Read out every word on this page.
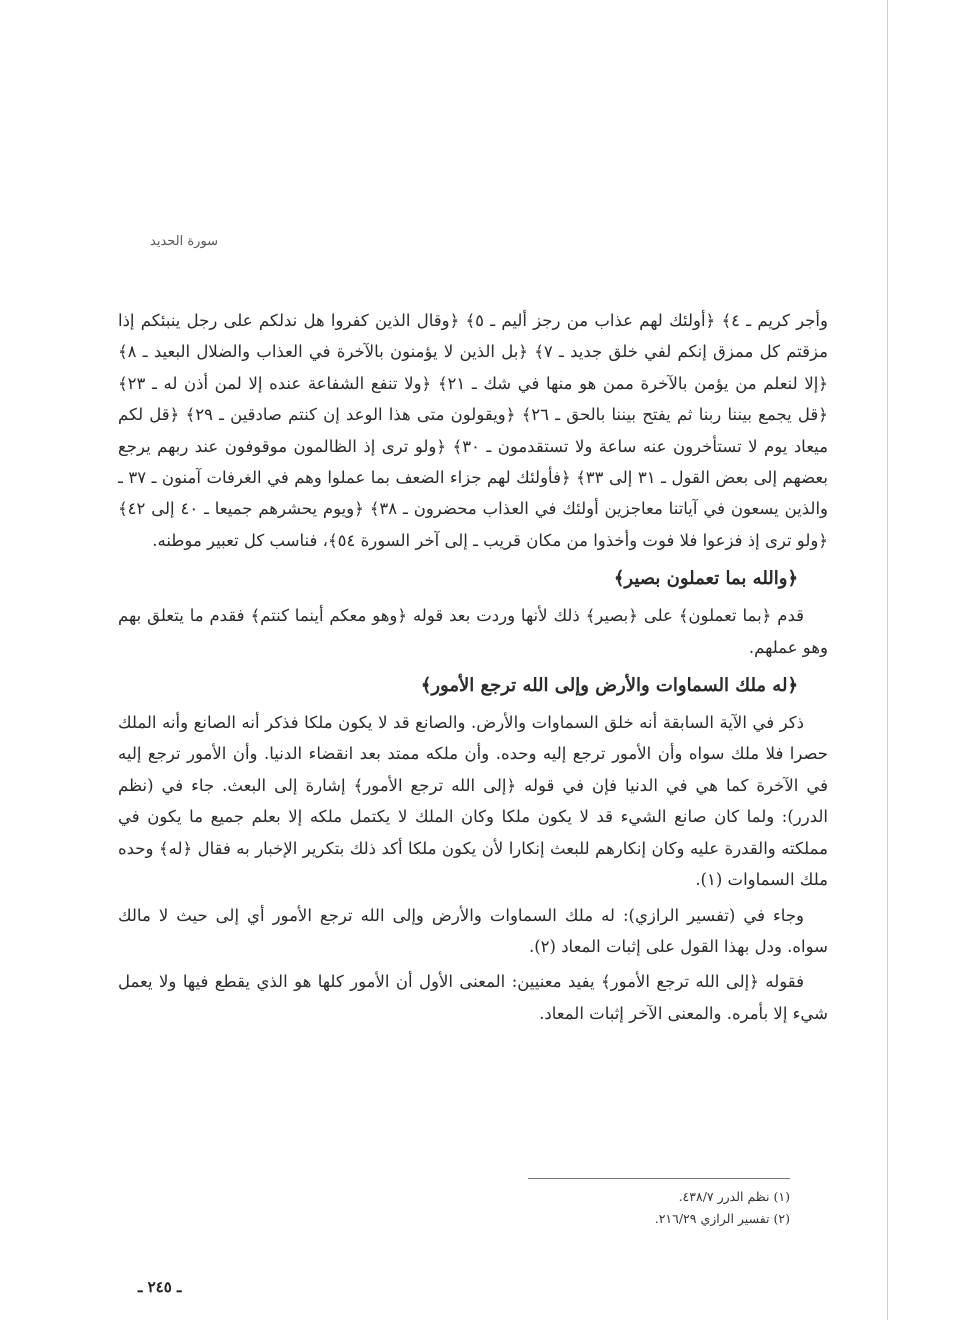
سورة الحديد

وأجر كريم ـ ٤﴾ ﴿أولئك لهم عذاب من رجز أليم ـ ٥﴾ ﴿وقال الذين كفروا هل ندلكم على رجل ينبئكم إذا مزقتم كل ممزق إنكم لفي خلق جديد ـ ٧﴾ ﴿بل الذين لا يؤمنون بالآخرة في العذاب والضلال البعيد ـ ٨﴾ ﴿إلا لنعلم من يؤمن بالآخرة ممن هو منها في شك ـ ٢١﴾ ﴿ولا تنفع الشفاعة عنده إلا لمن أذن له ـ ٢٣﴾ ﴿قل يجمع بيننا ربنا ثم يفتح بيننا بالحق ـ ٢٦﴾ ﴿ويقولون متى هذا الوعد إن كنتم صادقين ـ ٢٩﴾ ﴿قل لكم ميعاد يوم لا تستأخرون عنه ساعة ولا تستقدمون ـ ٣٠﴾ ﴿ولو ترى إذ الظالمون موقوفون عند ربهم يرجع بعضهم إلى بعض القول ـ ٣١ إلى ٣٣﴾ ﴿فأولئك لهم جزاء الضعف بما عملوا وهم في الغرفات آمنون ـ ٣٧ ـ والذين يسعون في آياتنا معاجزين أولئك في العذاب محضرون ـ ٣٨﴾ ﴿ويوم يحشرهم جميعا ـ ٤٠ إلى ٤٢﴾ ﴿ولو ترى إذ فزعوا فلا فوت وأخذوا من مكان قريب ـ إلى آخر السورة ٥٤﴾، فناسب كل تعبير موطنه.

﴿والله بما تعملون بصير﴾

قدم ﴿بما تعملون﴾ على ﴿بصير﴾ ذلك لأنها وردت بعد قوله ﴿وهو معكم أينما كنتم﴾ فقدم ما يتعلق بهم وهو عملهم.

﴿له ملك السماوات والأرض وإلى الله ترجع الأمور﴾

ذكر في الآية السابقة أنه خلق السماوات والأرض. والصانع قد لا يكون ملكا فذكر أنه الصانع وأنه الملك حصرا فلا ملك سواه وأن الأمور ترجع إليه وحده. وأن ملكه ممتد بعد انقضاء الدنيا. وأن الأمور ترجع إليه في الآخرة كما هي في الدنيا فإن في قوله ﴿إلى الله ترجع الأمور﴾ إشارة إلى البعث. جاء في (نظم الدرر): ولما كان صانع الشيء قد لا يكون ملكا وكان الملك لا يكتمل ملكه إلا بعلم جميع ما يكون في مملكته والقدرة عليه وكان إنكارهم للبعث إنكارا لأن يكون ملكا أكد ذلك بتكرير الإخبار به فقال ﴿له﴾ وحده ملك السماوات (١).

وجاء في (تفسير الرازي): له ملك السماوات والأرض وإلى الله ترجع الأمور أي إلى حيث لا مالك سواه. ودل بهذا القول على إثبات المعاد (٢).

فقوله ﴿إلى الله ترجع الأمور﴾ يفيد معنيين: المعنى الأول أن الأمور كلها هو الذي يقطع فيها ولا يعمل شيء إلا بأمره. والمعنى الآخر إثبات المعاد.

(١) نظم الدرر ٤٣٨/٧.
(٢) تفسير الرازي ٢١٦/٢٩.
ـ ٢٤٥ ـ
